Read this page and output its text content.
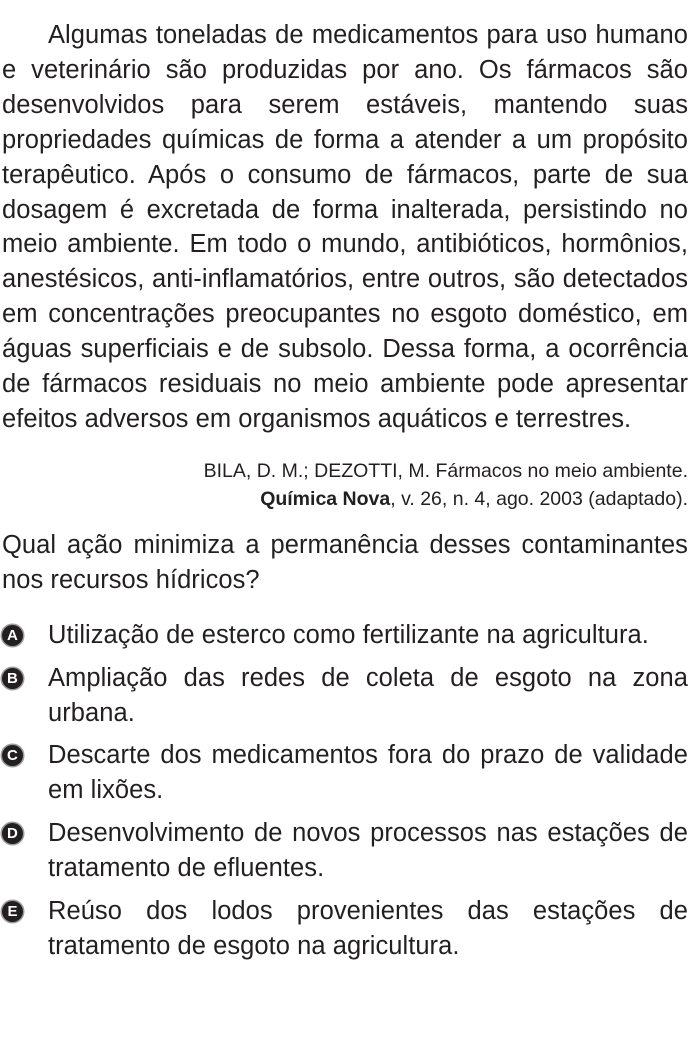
Algumas toneladas de medicamentos para uso humano e veterinário são produzidas por ano. Os fármacos são desenvolvidos para serem estáveis, mantendo suas propriedades químicas de forma a atender a um propósito terapêutico. Após o consumo de fármacos, parte de sua dosagem é excretada de forma inalterada, persistindo no meio ambiente. Em todo o mundo, antibióticos, hormônios, anestésicos, anti-inflamatórios, entre outros, são detectados em concentrações preocupantes no esgoto doméstico, em águas superficiais e de subsolo. Dessa forma, a ocorrência de fármacos residuais no meio ambiente pode apresentar efeitos adversos em organismos aquáticos e terrestres.

BILA, D. M.; DEZOTTI, M. Fármacos no meio ambiente.
Química Nova, v. 26, n. 4, ago. 2003 (adaptado).

Qual ação minimiza a permanência desses contaminantes nos recursos hídricos?

A Utilização de esterco como fertilizante na agricultura.
B Ampliação das redes de coleta de esgoto na zona urbana.
C Descarte dos medicamentos fora do prazo de validade em lixões.
D Desenvolvimento de novos processos nas estações de tratamento de efluentes.
E Reúso dos lodos provenientes das estações de tratamento de esgoto na agricultura.
